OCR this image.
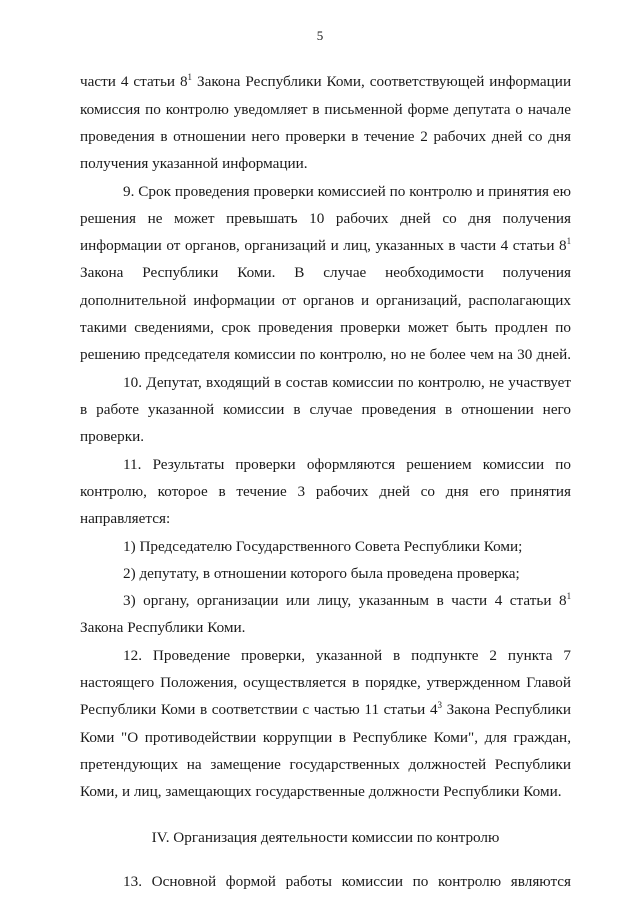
5
части 4 статьи $8^1$ Закона Республики Коми, соответствующей информации
комиссия по контролю уведомляет в письменной форме депутата о начале
проведения в отношении него проверки в течение 2 рабочих дней со дня
получения указанной информации.
9. Срок проведения проверки комиссией по контролю и принятия ею
решения не может превышать 10 рабочих дней со дня получения
информации от органов, организаций и лиц, указанных в части 4 статьи $8^1$
Закона Республики Коми. В случае необходимости получения
дополнительной информации от органов и организаций, располагающих
такими сведениями, срок проведения проверки может быть продлен по
решению председателя комиссии по контролю, но не более чем на 30 дней.
10. Депутат, входящий в состав комиссии по контролю, не участвует
в работе указанной комиссии в случае проведения в отношении него
проверки.
11. Результаты проверки оформляются решением комиссии по
контролю, которое в течение 3 рабочих дней со дня его принятия
направляется:
1) Председателю Государственного Совета Республики Коми;
2) депутату, в отношении которого была проведена проверка;
3) органу, организации или лицу, указанным в части 4 статьи $8^1$
Закона Республики Коми.
12. Проведение проверки, указанной в подпункте 2 пункта 7
настоящего Положения, осуществляется в порядке, утвержденном Главой
Республики Коми в соответствии с частью 11 статьи $4^3$ Закона Республики
Коми "О противодействии коррупции в Республике Коми", для граждан,
претендующих на замещение государственных должностей Республики
Коми, и лиц, замещающих государственные должности Республики Коми.
IV. Организация деятельности комиссии по контролю
13. Основной формой работы комиссии по контролю являются
